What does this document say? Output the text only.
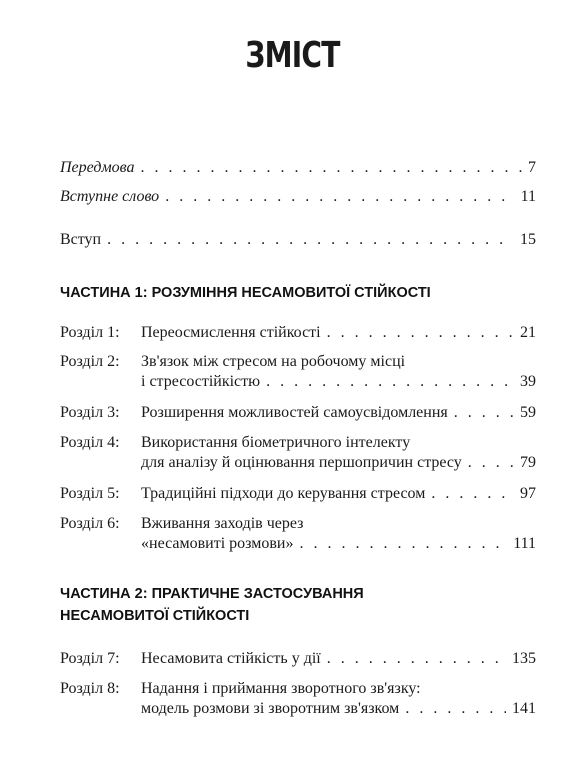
ЗМІСТ
Передмова . . .	7
Вступне слово . . .	11
Вступ . . .	15
ЧАСТИНА 1: РОЗУМІННЯ НЕСАМОВИТОЇ СТІЙКОСТІ
Розділ 1: Переосмислення стійкості . . .	21
Розділ 2: Зв'язок між стресом на робочому місці
і стресостійкістю . . .	39
Розділ 3: Розширення можливостей самоусвідомлення . . .	59
Розділ 4: Використання біометричного інтелекту
для аналізу й оцінювання першопричин стресу . . .	79
Розділ 5: Традиційні підходи до керування стресом . . .	97
Розділ 6: Вживання заходів через
«несамовиті розмови» . . .	111
ЧАСТИНА 2: ПРАКТИЧНЕ ЗАСТОСУВАННЯ
НЕСАМОВИТОЇ СТІЙКОСТІ
Розділ 7: Несамовита стійкість у дії . . .	135
Розділ 8: Надання і приймання зворотного зв'язку:
модель розмови зі зворотним зв'язком . . .	141
